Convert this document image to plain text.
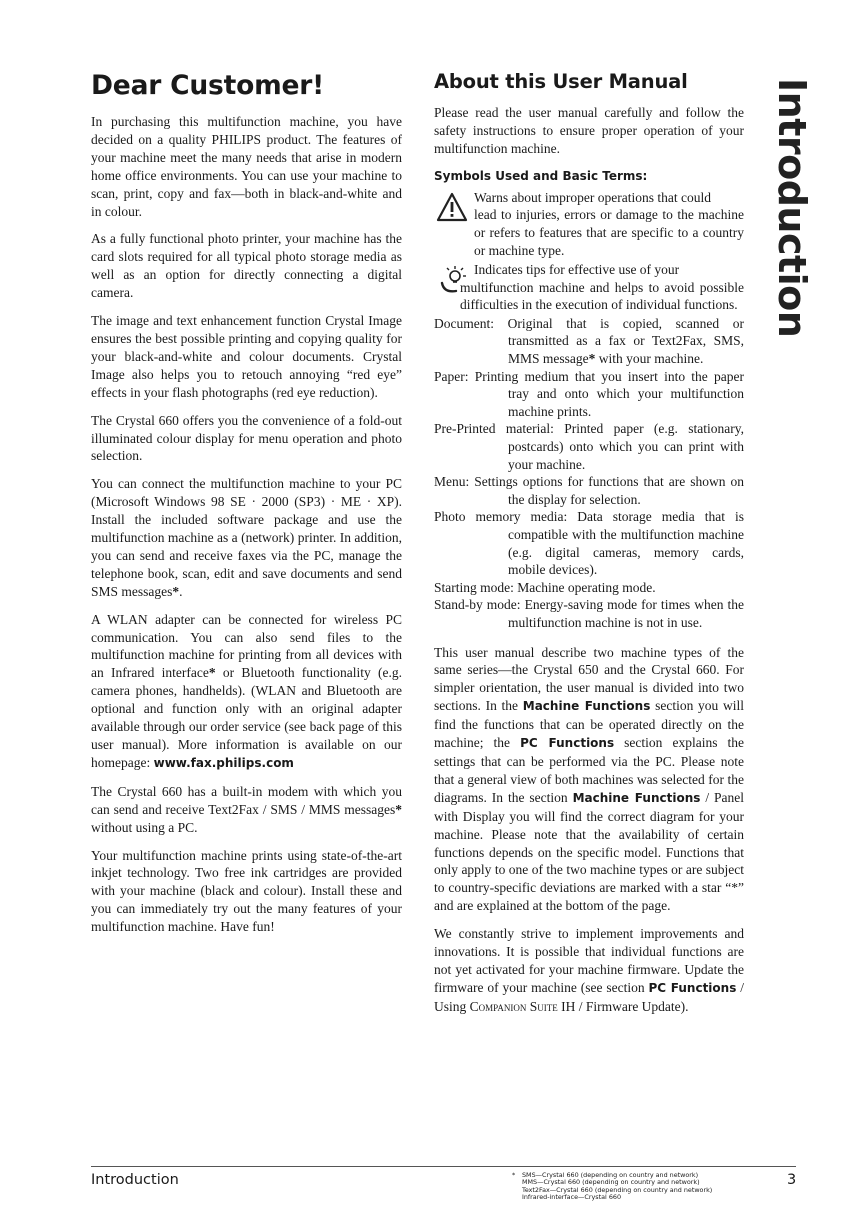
Dear Customer!

In purchasing this multifunction machine, you have decided on a quality PHILIPS product. The features of your machine meet the many needs that arise in modern home office environments. You can use your machine to scan, print, copy and fax—both in black-and-white and in colour.

As a fully functional photo printer, your machine has the card slots required for all typical photo storage media as well as an option for directly connecting a digital camera.

The image and text enhancement function Crystal Image ensures the best possible printing and copying quality for your black-and-white and colour documents. Crystal Image also helps you to retouch annoying “red eye” effects in your flash photographs (red eye reduction).

The Crystal 660 offers you the convenience of a fold-out illuminated colour display for menu operation and photo selection.

You can connect the multifunction machine to your PC (Microsoft Windows 98 SE · 2000 (SP3) · ME · XP). Install the included software package and use the multifunction machine as a (network) printer. In addition, you can send and receive faxes via the PC, manage the telephone book, scan, edit and save documents and send SMS messages*.

A WLAN adapter can be connected for wireless PC communication. You can also send files to the multifunction machine for printing from all devices with an Infrared interface* or Bluetooth functionality (e.g. camera phones, handhelds). (WLAN and Bluetooth are optional and function only with an original adapter available through our order service (see back page of this user manual). More information is available on our homepage: www.fax.philips.com

The Crystal 660 has a built-in modem with which you can send and receive Text2Fax / SMS / MMS messages* without using a PC.

Your multifunction machine prints using state-of-the-art inkjet technology. Two free ink cartridges are provided with your machine (black and colour). Install these and you can immediately try out the many features of your multifunction machine. Have fun!

About this User Manual

Please read the user manual carefully and follow the safety instructions to ensure proper operation of your multifunction machine.

Symbols Used and Basic Terms:
Warns about improper operations that could
lead to injuries, errors or damage to the machine or refers to features that are specific to a country or machine type.
Indicates tips for effective use of your
multifunction machine and helps to avoid possible difficulties in the execution of individual functions.
Document: Original that is copied, scanned or transmitted as a fax or Text2Fax, SMS, MMS message* with your machine.
Paper: Printing medium that you insert into the paper tray and onto which your multifunction machine prints.
Pre-Printed material: Printed paper (e.g. stationary, postcards) onto which you can print with your machine.
Menu: Settings options for functions that are shown on the display for selection.
Photo memory media: Data storage media that is compatible with the multifunction machine (e.g. digital cameras, memory cards, mobile devices).
Starting mode: Machine operating mode.
Stand-by mode: Energy-saving mode for times when the multifunction machine is not in use.

This user manual describe two machine types of the same series—the Crystal 650 and the Crystal 660. For simpler orientation, the user manual is divided into two sections. In the Machine Functions section you will find the functions that can be operated directly on the machine; the PC Functions section explains the settings that can be performed via the PC. Please note that a general view of both machines was selected for the diagrams. In the section Machine Functions / Panel with Display you will find the correct diagram for your machine. Please note that the availability of certain functions depends on the specific model. Functions that only apply to one of the two machine types or are subject to country-specific deviations are marked with a star “*” and are explained at the bottom of the page.

We constantly strive to implement improvements and innovations. It is possible that individual functions are not yet activated for your machine firmware. Update the firmware of your machine (see section PC Functions / Using Companion Suite IH / Firmware Update).

Introduction
Introduction	* SMS—Crystal 660 (depending on country and network)
MMS—Crystal 660 (depending on country and network)
Text2Fax—Crystal 660 (depending on country and network)
Infrared-interface—Crystal 660
3
